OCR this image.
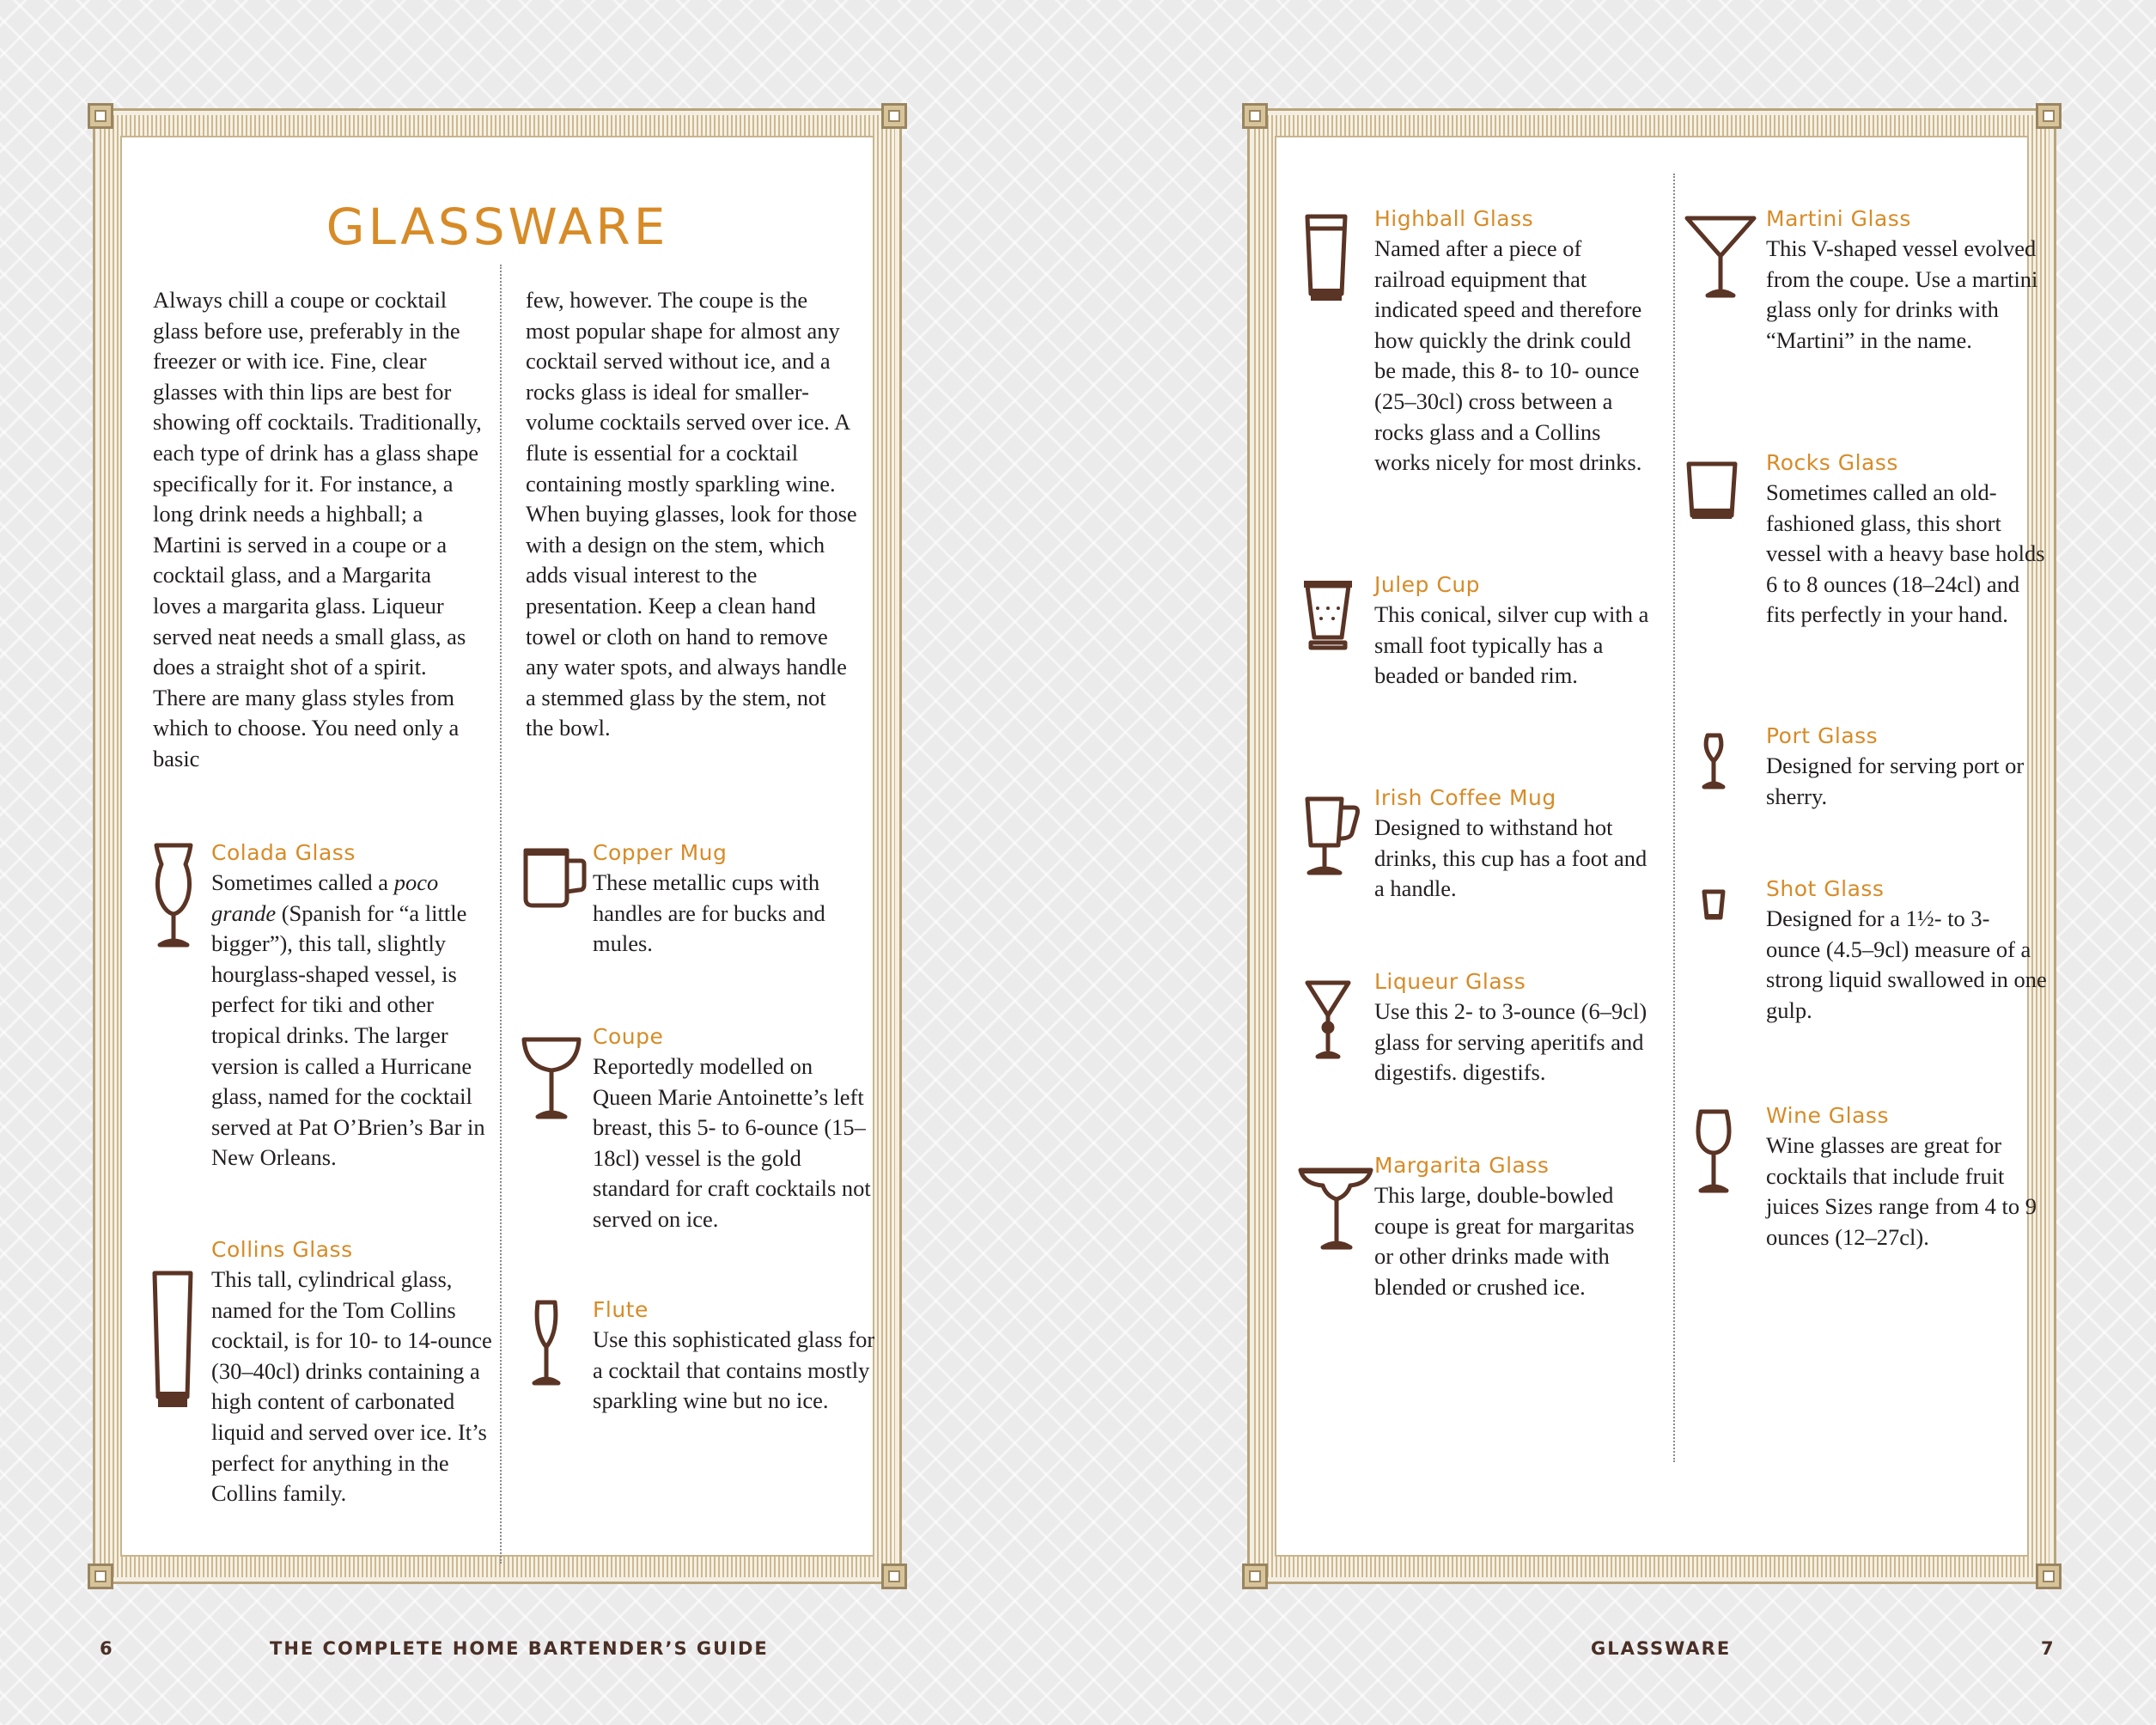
GLASSWARE
Always chill a coupe or cocktail glass before use, preferably in the freezer or with ice. Fine, clear glasses with thin lips are best for showing off cocktails. Traditionally, each type of drink has a glass shape specifically for it. For instance, a long drink needs a highball; a Martini is served in a coupe or a cocktail glass, and a Margarita loves a margarita glass. Liqueur served neat needs a small glass, as does a straight shot of a spirit. There are many glass styles from which to choose. You need only a basic
few, however. The coupe is the most popular shape for almost any cocktail served without ice, and a rocks glass is ideal for smaller-volume cocktails served over ice. A flute is essential for a cocktail containing mostly sparkling wine. When buying glasses, look for those with a design on the stem, which adds visual interest to the presentation. Keep a clean hand towel or cloth on hand to remove any water spots, and always handle a stemmed glass by the stem, not the bowl.
Colada Glass
Sometimes called a poco grande (Spanish for “a little bigger”), this tall, slightly hourglass-shaped vessel, is perfect for tiki and other tropical drinks. The larger version is called a Hurricane glass, named for the cocktail served at Pat O’Brien’s Bar in New Orleans.
Collins Glass
This tall, cylindrical glass, named for the Tom Collins cocktail, is for 10- to 14-ounce (30–40cl) drinks containing a high content of carbonated liquid and served over ice. It’s perfect for anything in the Collins family.
Copper Mug
These metallic cups with handles are for bucks and mules.
Coupe
Reportedly modelled on Queen Marie Antoinette’s left breast, this 5- to 6-ounce (15–18cl) vessel is the gold standard for craft cocktails not served on ice.
Flute
Use this sophisticated glass for a cocktail that contains mostly sparkling wine but no ice.
Highball Glass
Named after a piece of railroad equipment that indicated speed and therefore how quickly the drink could be made, this 8- to 10- ounce (25–30cl) cross between a rocks glass and a Collins works nicely for most drinks.
Julep Cup
This conical, silver cup with a small foot typically has a beaded or banded rim.
Irish Coffee Mug
Designed to withstand hot drinks, this cup has a foot and a handle.
Liqueur Glass
Use this 2- to 3-ounce (6–9cl) glass for serving aperitifs and digestifs. digestifs.
Margarita Glass
This large, double-bowled coupe is great for margaritas or other drinks made with blended or crushed ice.
Martini Glass
This V-shaped vessel evolved from the coupe. Use a martini glass only for drinks with “Martini” in the name.
Rocks Glass
Sometimes called an old-fashioned glass, this short vessel with a heavy base holds 6 to 8 ounces (18–24cl) and fits perfectly in your hand.
Port Glass
Designed for serving port or sherry.
Shot Glass
Designed for a 1½- to 3- ounce (4.5–9cl) measure of a strong liquid swallowed in one gulp.
Wine Glass
Wine glasses are great for cocktails that include fruit juices Sizes range from 4 to 9 ounces (12–27cl).
6	THE COMPLETE HOME BARTENDER’S GUIDE	GLASSWARE	7
